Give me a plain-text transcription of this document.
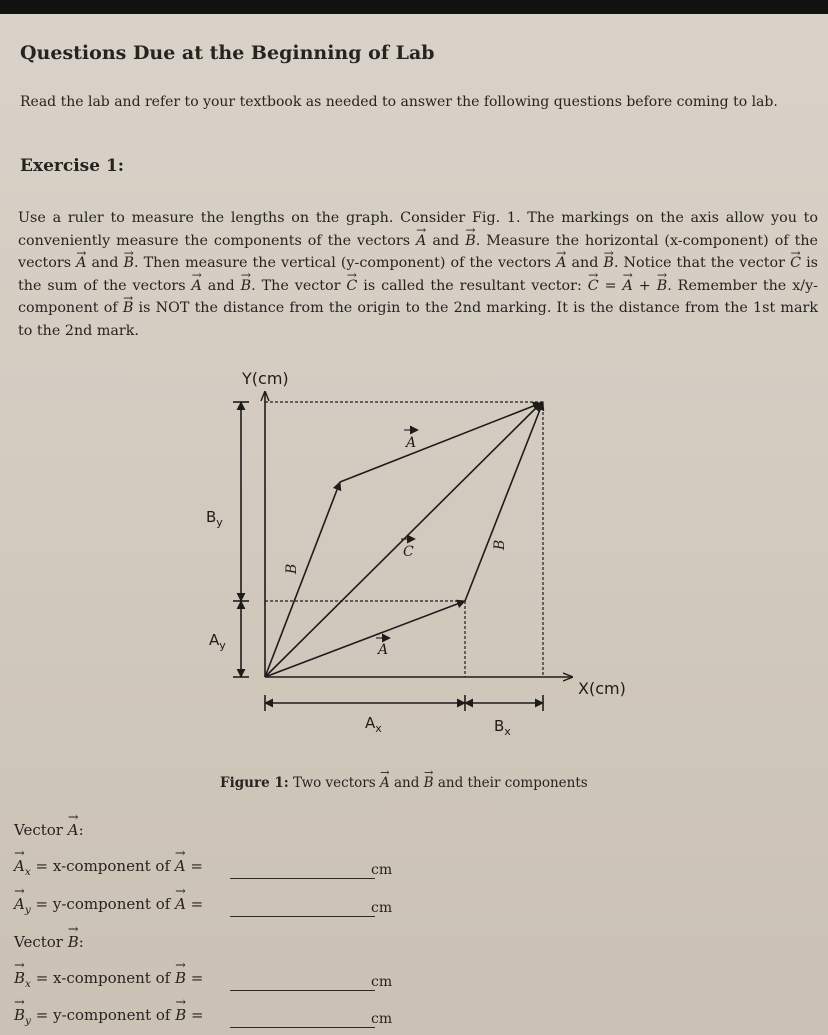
Questions Due at the Beginning of Lab
Read the lab and refer to your textbook as needed to answer the following questions before coming to lab.
Exercise 1:

Use a ruler to measure the lengths on the graph. Consider Fig. 1. The markings on the axis allow you to conveniently measure the components of the vectors → A and → B. Measure the horizontal (x-component) of the vectors → A and → B. Then measure the vertical (y-component) of the vectors → A and → B. Notice that the vector → C is the sum of the vectors → A and → B. The vector → C is called the resultant vector: → C = → A + → B. Remember the x/y-component of → B is NOT the distance from the origin to the 2nd marking. It is the distance from the 1st mark to the 2nd mark.

Y(cm)
X(cm)
$B_y$
$A_y$
$A_x$	$B_x$
A
A
C	B
B
Figure 1: Two vectors → A and → B and their components
Vector → A:
→ $A_x$ = x-component of → A =	cm
→ $A_y$ = y-component of → A =	cm
Vector → B:
→ $B_x$ = x-component of → B =	cm
→ $B_y$ = y-component of → B =	cm
